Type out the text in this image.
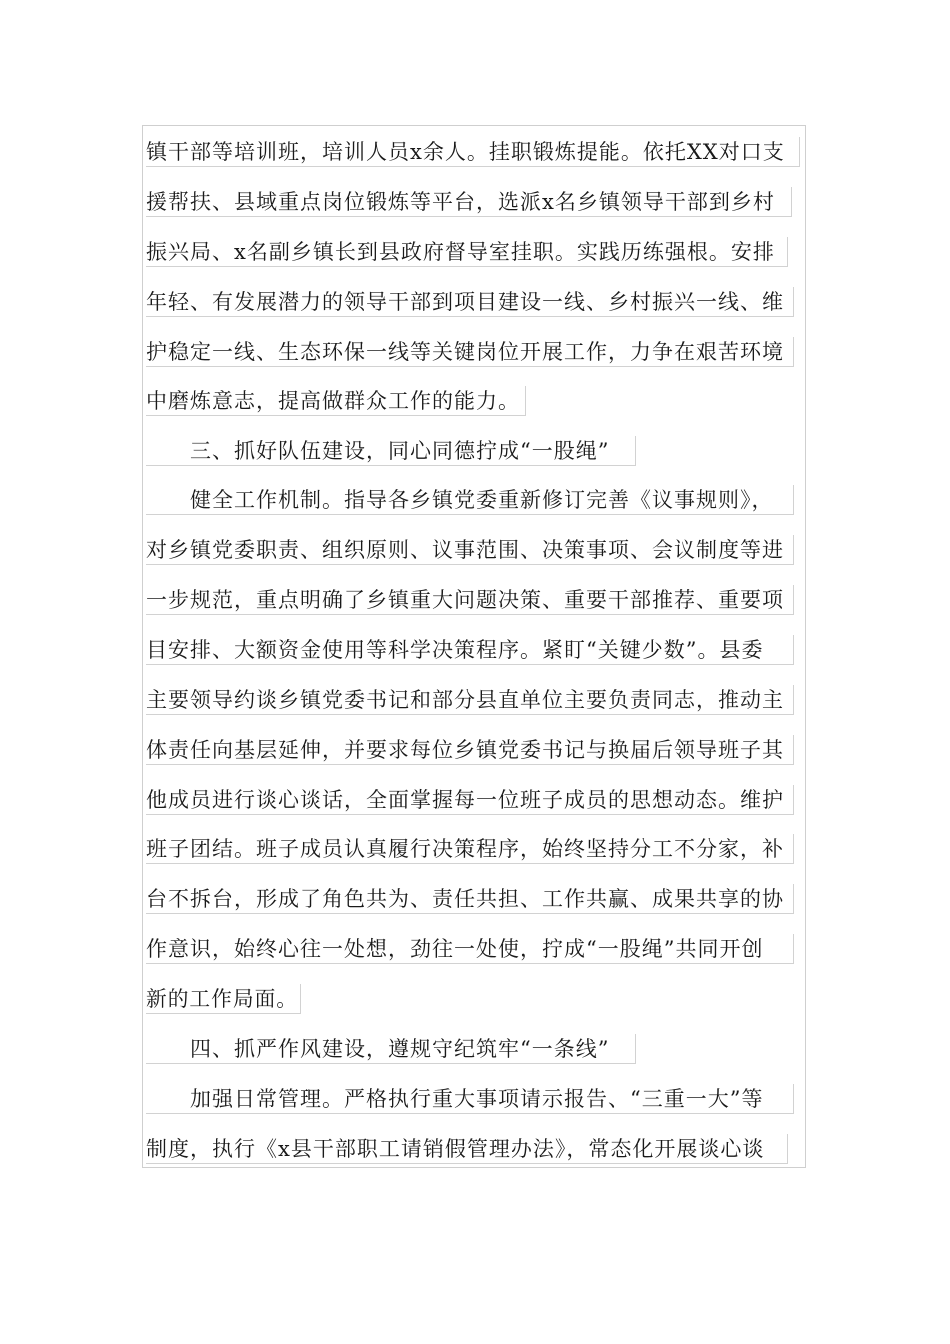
镇干部等培训班，培训人员x余人。挂职锻炼提能。依托XX对口支
援帮扶、县域重点岗位锻炼等平台，选派x名乡镇领导干部到乡村
振兴局、x名副乡镇长到县政府督导室挂职。实践历练强根。安排
年轻、有发展潜力的领导干部到项目建设一线、乡村振兴一线、维
护稳定一线、生态环保一线等关键岗位开展工作，力争在艰苦环境
中磨炼意志，提高做群众工作的能力。
　　三、抓好队伍建设，同心同德拧成“一股绳”
　　健全工作机制。指导各乡镇党委重新修订完善《议事规则》，
对乡镇党委职责、组织原则、议事范围、决策事项、会议制度等进
一步规范，重点明确了乡镇重大问题决策、重要干部推荐、重要项
目安排、大额资金使用等科学决策程序。紧盯“关键少数”。县委
主要领导约谈乡镇党委书记和部分县直单位主要负责同志，推动主
体责任向基层延伸，并要求每位乡镇党委书记与换届后领导班子其
他成员进行谈心谈话，全面掌握每一位班子成员的思想动态。维护
班子团结。班子成员认真履行决策程序，始终坚持分工不分家，补
台不拆台，形成了角色共为、责任共担、工作共赢、成果共享的协
作意识，始终心往一处想，劲往一处使，拧成“一股绳”共同开创
新的工作局面。
　　四、抓严作风建设，遵规守纪筑牢“一条线”
　　加强日常管理。严格执行重大事项请示报告、“三重一大”等
制度，执行《x县干部职工请销假管理办法》，常态化开展谈心谈
